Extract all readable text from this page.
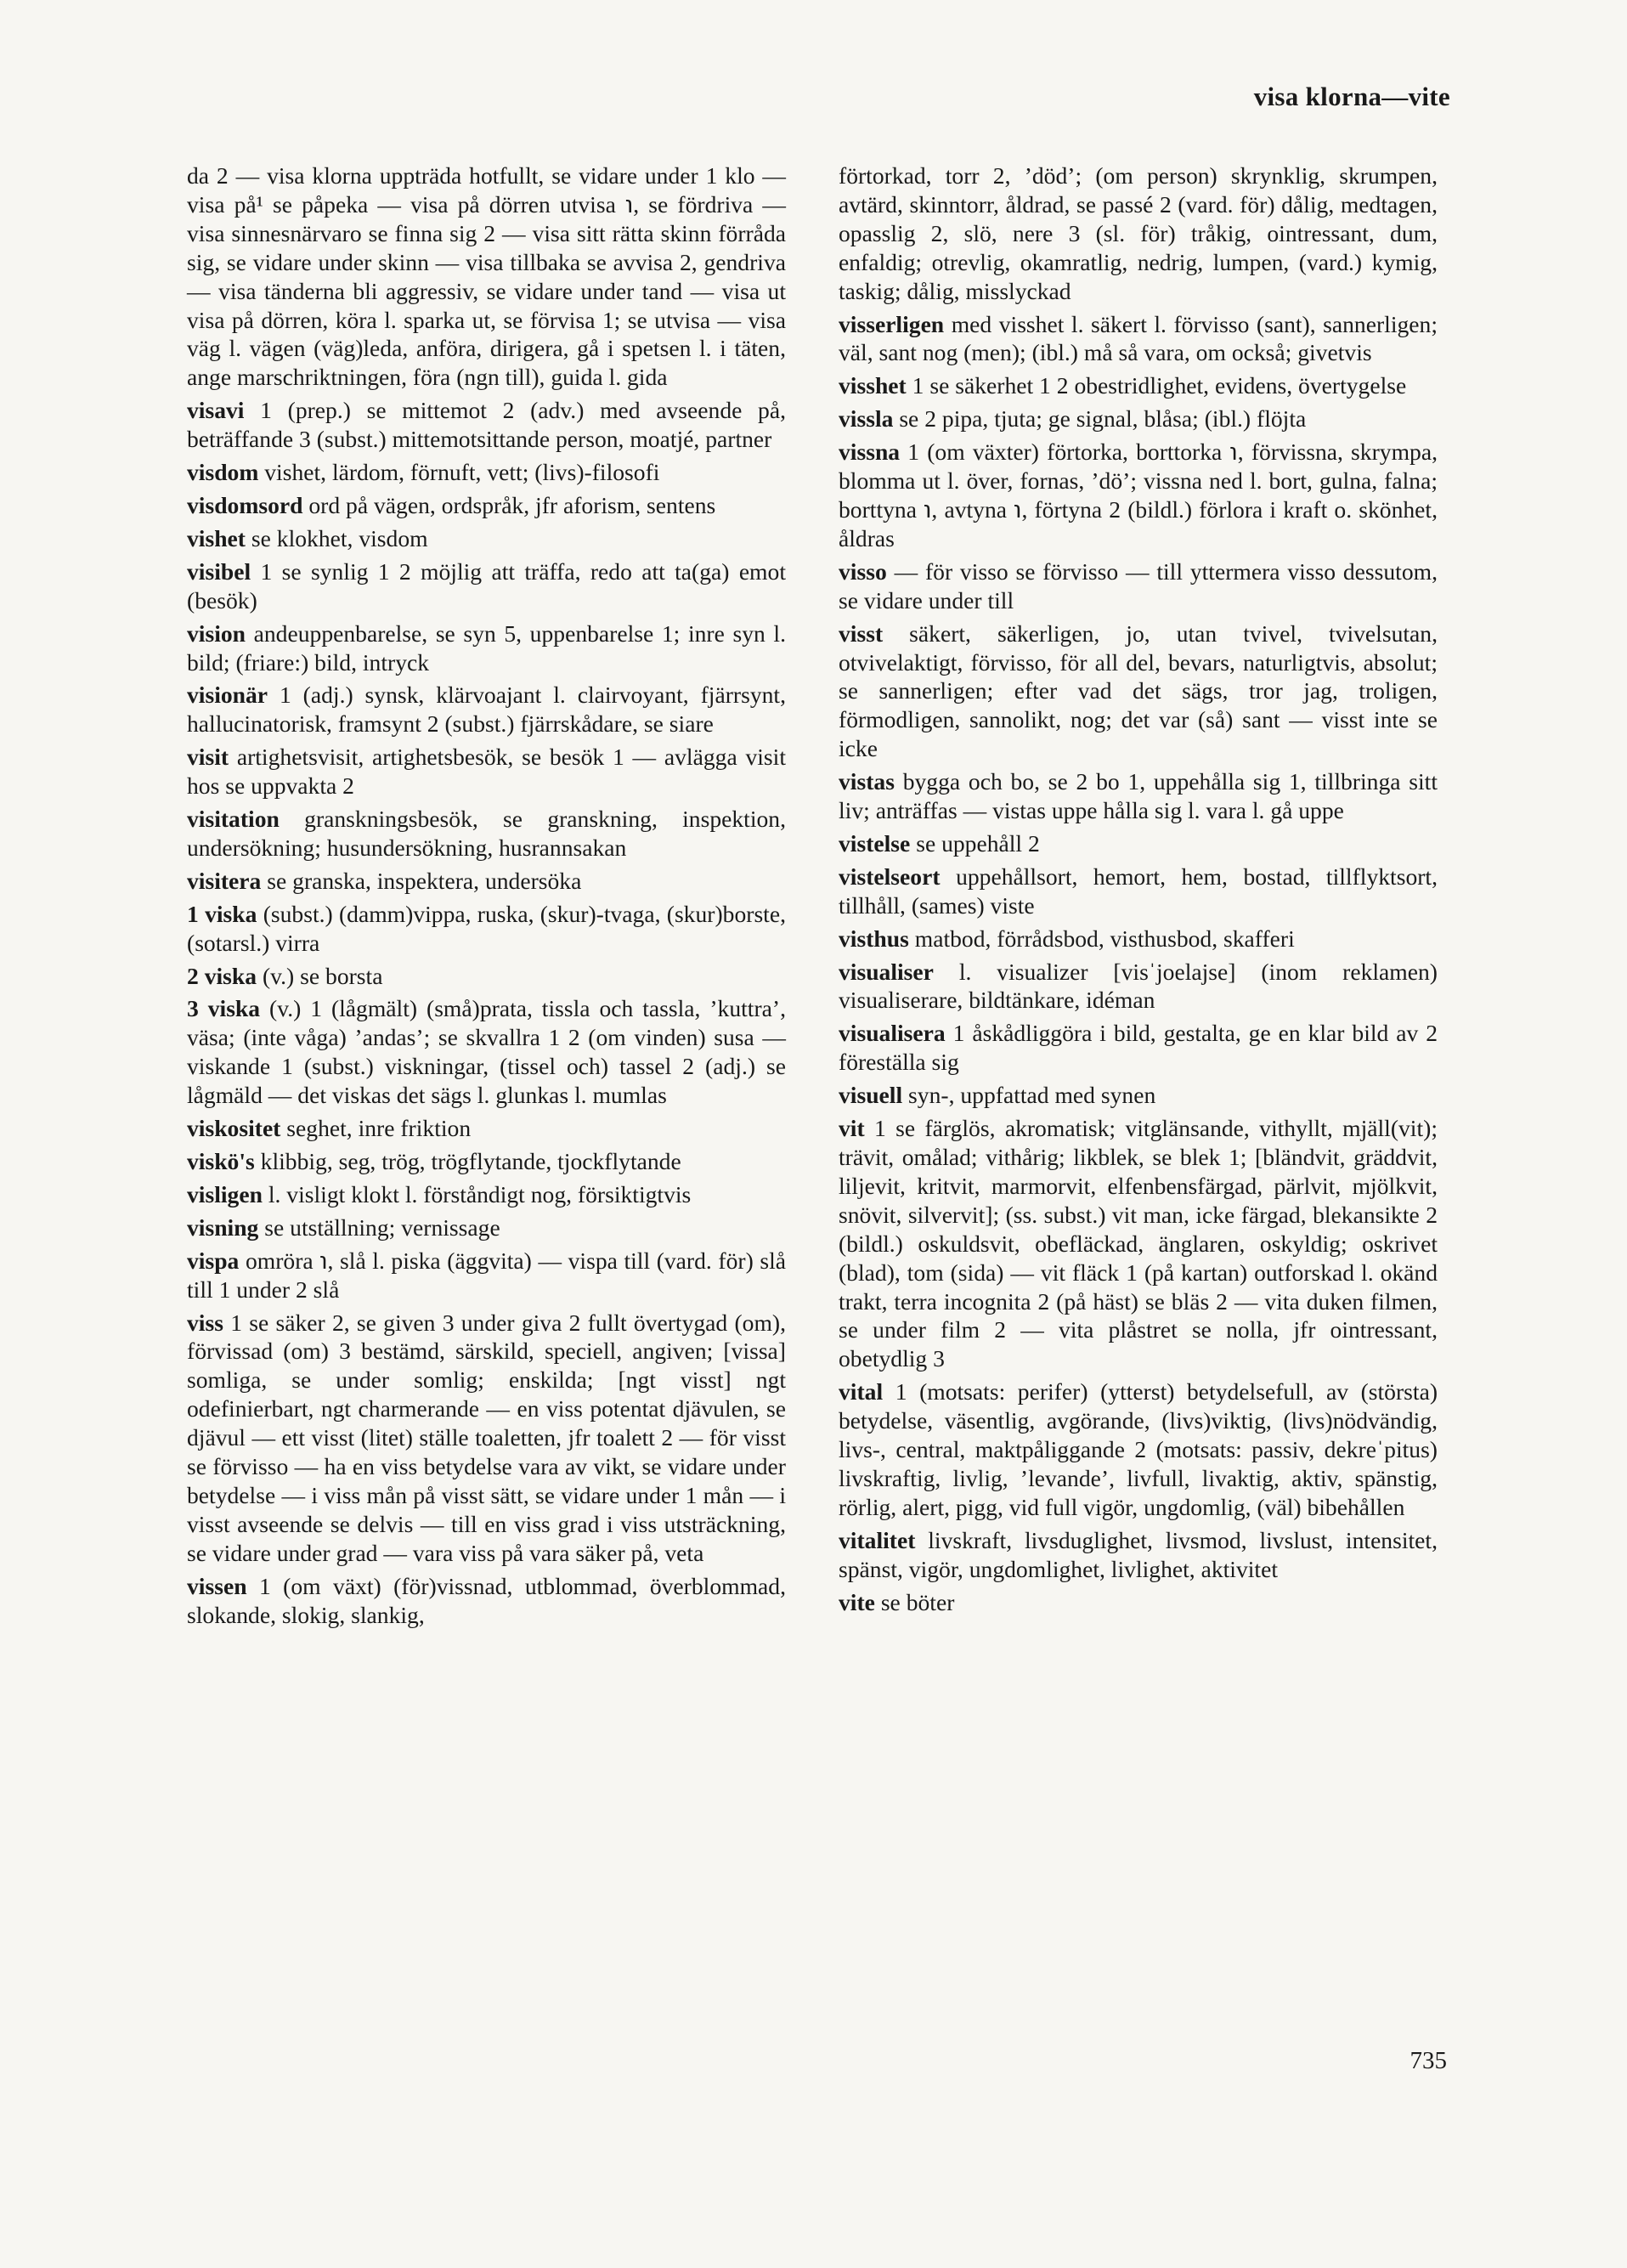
visa klorna—vite

da 2 — visa klorna uppträda hotfullt, se vidare under 1 klo — visa på¹ se påpeka — visa på dörren utvisa ℩, se fördriva — visa sinnesnärvaro se finna sig 2 — visa sitt rätta skinn förråda sig, se vidare under skinn — visa tillbaka se avvisa 2, gendriva — visa tänderna bli aggressiv, se vidare under tand — visa ut visa på dörren, köra l. sparka ut, se förvisa 1; se utvisa — visa väg l. vägen (väg)leda, anföra, dirigera, gå i spetsen l. i täten, ange marschriktningen, föra (ngn till), guida l. gida

visavi 1 (prep.) se mittemot 2 (adv.) med avseende på, beträffande 3 (subst.) mittemotsittande person, moatjé, partner

visdom vishet, lärdom, förnuft, vett; (livs)-filosofi

visdomsord ord på vägen, ordspråk, jfr aforism, sentens

vishet se klokhet, visdom

visibel 1 se synlig 1 2 möjlig att träffa, redo att ta(ga) emot (besök)

vision andeuppenbarelse, se syn 5, uppenbarelse 1; inre syn l. bild; (friare:) bild, intryck

visionär 1 (adj.) synsk, klärvoajant l. clairvoyant, fjärrsynt, hallucinatorisk, framsynt 2 (subst.) fjärrskådare, se siare

visit artighetsvisit, artighetsbesök, se besök 1 — avlägga visit hos se uppvakta 2

visitation granskningsbesök, se granskning, inspektion, undersökning; husundersökning, husrannsakan

visitera se granska, inspektera, undersöka

1 viska (subst.) (damm)vippa, ruska, (skur)-tvaga, (skur)borste, (sotarsl.) virra

2 viska (v.) se borsta

3 viska (v.) 1 (lågmält) (små)prata, tissla och tassla, ’kuttra’, väsa; (inte våga) ’andas’; se skvallra 1 2 (om vinden) susa — viskande 1 (subst.) viskningar, (tissel och) tassel 2 (adj.) se lågmäld — det viskas det sägs l. glunkas l. mumlas

viskositet seghet, inre friktion

viskö's klibbig, seg, trög, trögflytande, tjockflytande

visligen l. visligt klokt l. förståndigt nog, försiktigtvis

visning se utställning; vernissage

vispa omröra ℩, slå l. piska (äggvita) — vispa till (vard. för) slå till 1 under 2 slå

viss 1 se säker 2, se given 3 under giva 2 fullt övertygad (om), förvissad (om) 3 bestämd, särskild, speciell, angiven; [vissa] somliga, se under somlig; enskilda; [ngt visst] ngt odefinierbart, ngt charmerande — en viss potentat djävulen, se djävul — ett visst (litet) ställe toaletten, jfr toalett 2 — för visst se förvisso — ha en viss betydelse vara av vikt, se vidare under betydelse — i viss mån på visst sätt, se vidare under 1 mån — i visst avseende se delvis — till en viss grad i viss utsträckning, se vidare under grad — vara viss på vara säker på, veta

vissen 1 (om växt) (för)vissnad, utblommad, överblommad, slokande, slokig, slankig,

förtorkad, torr 2, ’död’; (om person) skrynklig, skrumpen, avtärd, skinntorr, åldrad, se passé 2 (vard. för) dålig, medtagen, opasslig 2, slö, nere 3 (sl. för) tråkig, ointressant, dum, enfaldig; otrevlig, okamratlig, nedrig, lumpen, (vard.) kymig, taskig; dålig, misslyckad

visserligen med visshet l. säkert l. förvisso (sant), sannerligen; väl, sant nog (men); (ibl.) må så vara, om också; givetvis

visshet 1 se säkerhet 1 2 obestridlighet, evidens, övertygelse

vissla se 2 pipa, tjuta; ge signal, blåsa; (ibl.) flöjta

vissna 1 (om växter) förtorka, borttorka ℩, förvissna, skrympa, blomma ut l. över, fornas, ’dö’; vissna ned l. bort, gulna, falna; borttyna ℩, avtyna ℩, förtyna 2 (bildl.) förlora i kraft o. skönhet, åldras

visso — för visso se förvisso — till yttermera visso dessutom, se vidare under till

visst säkert, säkerligen, jo, utan tvivel, tvivelsutan, otvivelaktigt, förvisso, för all del, bevars, naturligtvis, absolut; se sannerligen; efter vad det sägs, tror jag, troligen, förmodligen, sannolikt, nog; det var (så) sant — visst inte se icke

vistas bygga och bo, se 2 bo 1, uppehålla sig 1, tillbringa sitt liv; anträffas — vistas uppe hålla sig l. vara l. gå uppe

vistelse se uppehåll 2

vistelseort uppehållsort, hemort, hem, bostad, tillflyktsort, tillhåll, (sames) viste

visthus matbod, förrådsbod, visthusbod, skafferi

visualiser l. visualizer [visˈjoelajse] (inom reklamen) visualiserare, bildtänkare, idéman

visualisera 1 åskådliggöra i bild, gestalta, ge en klar bild av 2 föreställa sig

visuell syn-, uppfattad med synen

vit 1 se färglös, akromatisk; vitglänsande, vithyllt, mjäll(vit); trävit, omålad; vithårig; likblek, se blek 1; [bländvit, gräddvit, liljevit, kritvit, marmorvit, elfenbensfärgad, pärlvit, mjölkvit, snövit, silvervit]; (ss. subst.) vit man, icke färgad, blekansikte 2 (bildl.) oskuldsvit, obefläckad, änglaren, oskyldig; oskrivet (blad), tom (sida) — vit fläck 1 (på kartan) outforskad l. okänd trakt, terra incognita 2 (på häst) se bläs 2 — vita duken filmen, se under film 2 — vita plåstret se nolla, jfr ointressant, obetydlig 3

vital 1 (motsats: perifer) (ytterst) betydelsefull, av (största) betydelse, väsentlig, avgörande, (livs)viktig, (livs)nödvändig, livs-, central, maktpåliggande 2 (motsats: passiv, dekreˈpitus) livskraftig, livlig, ’levande’, livfull, livaktig, aktiv, spänstig, rörlig, alert, pigg, vid full vigör, ungdomlig, (väl) bibehållen

vitalitet livskraft, livsduglighet, livsmod, livslust, intensitet, spänst, vigör, ungdomlighet, livlighet, aktivitet

vite se böter

735
